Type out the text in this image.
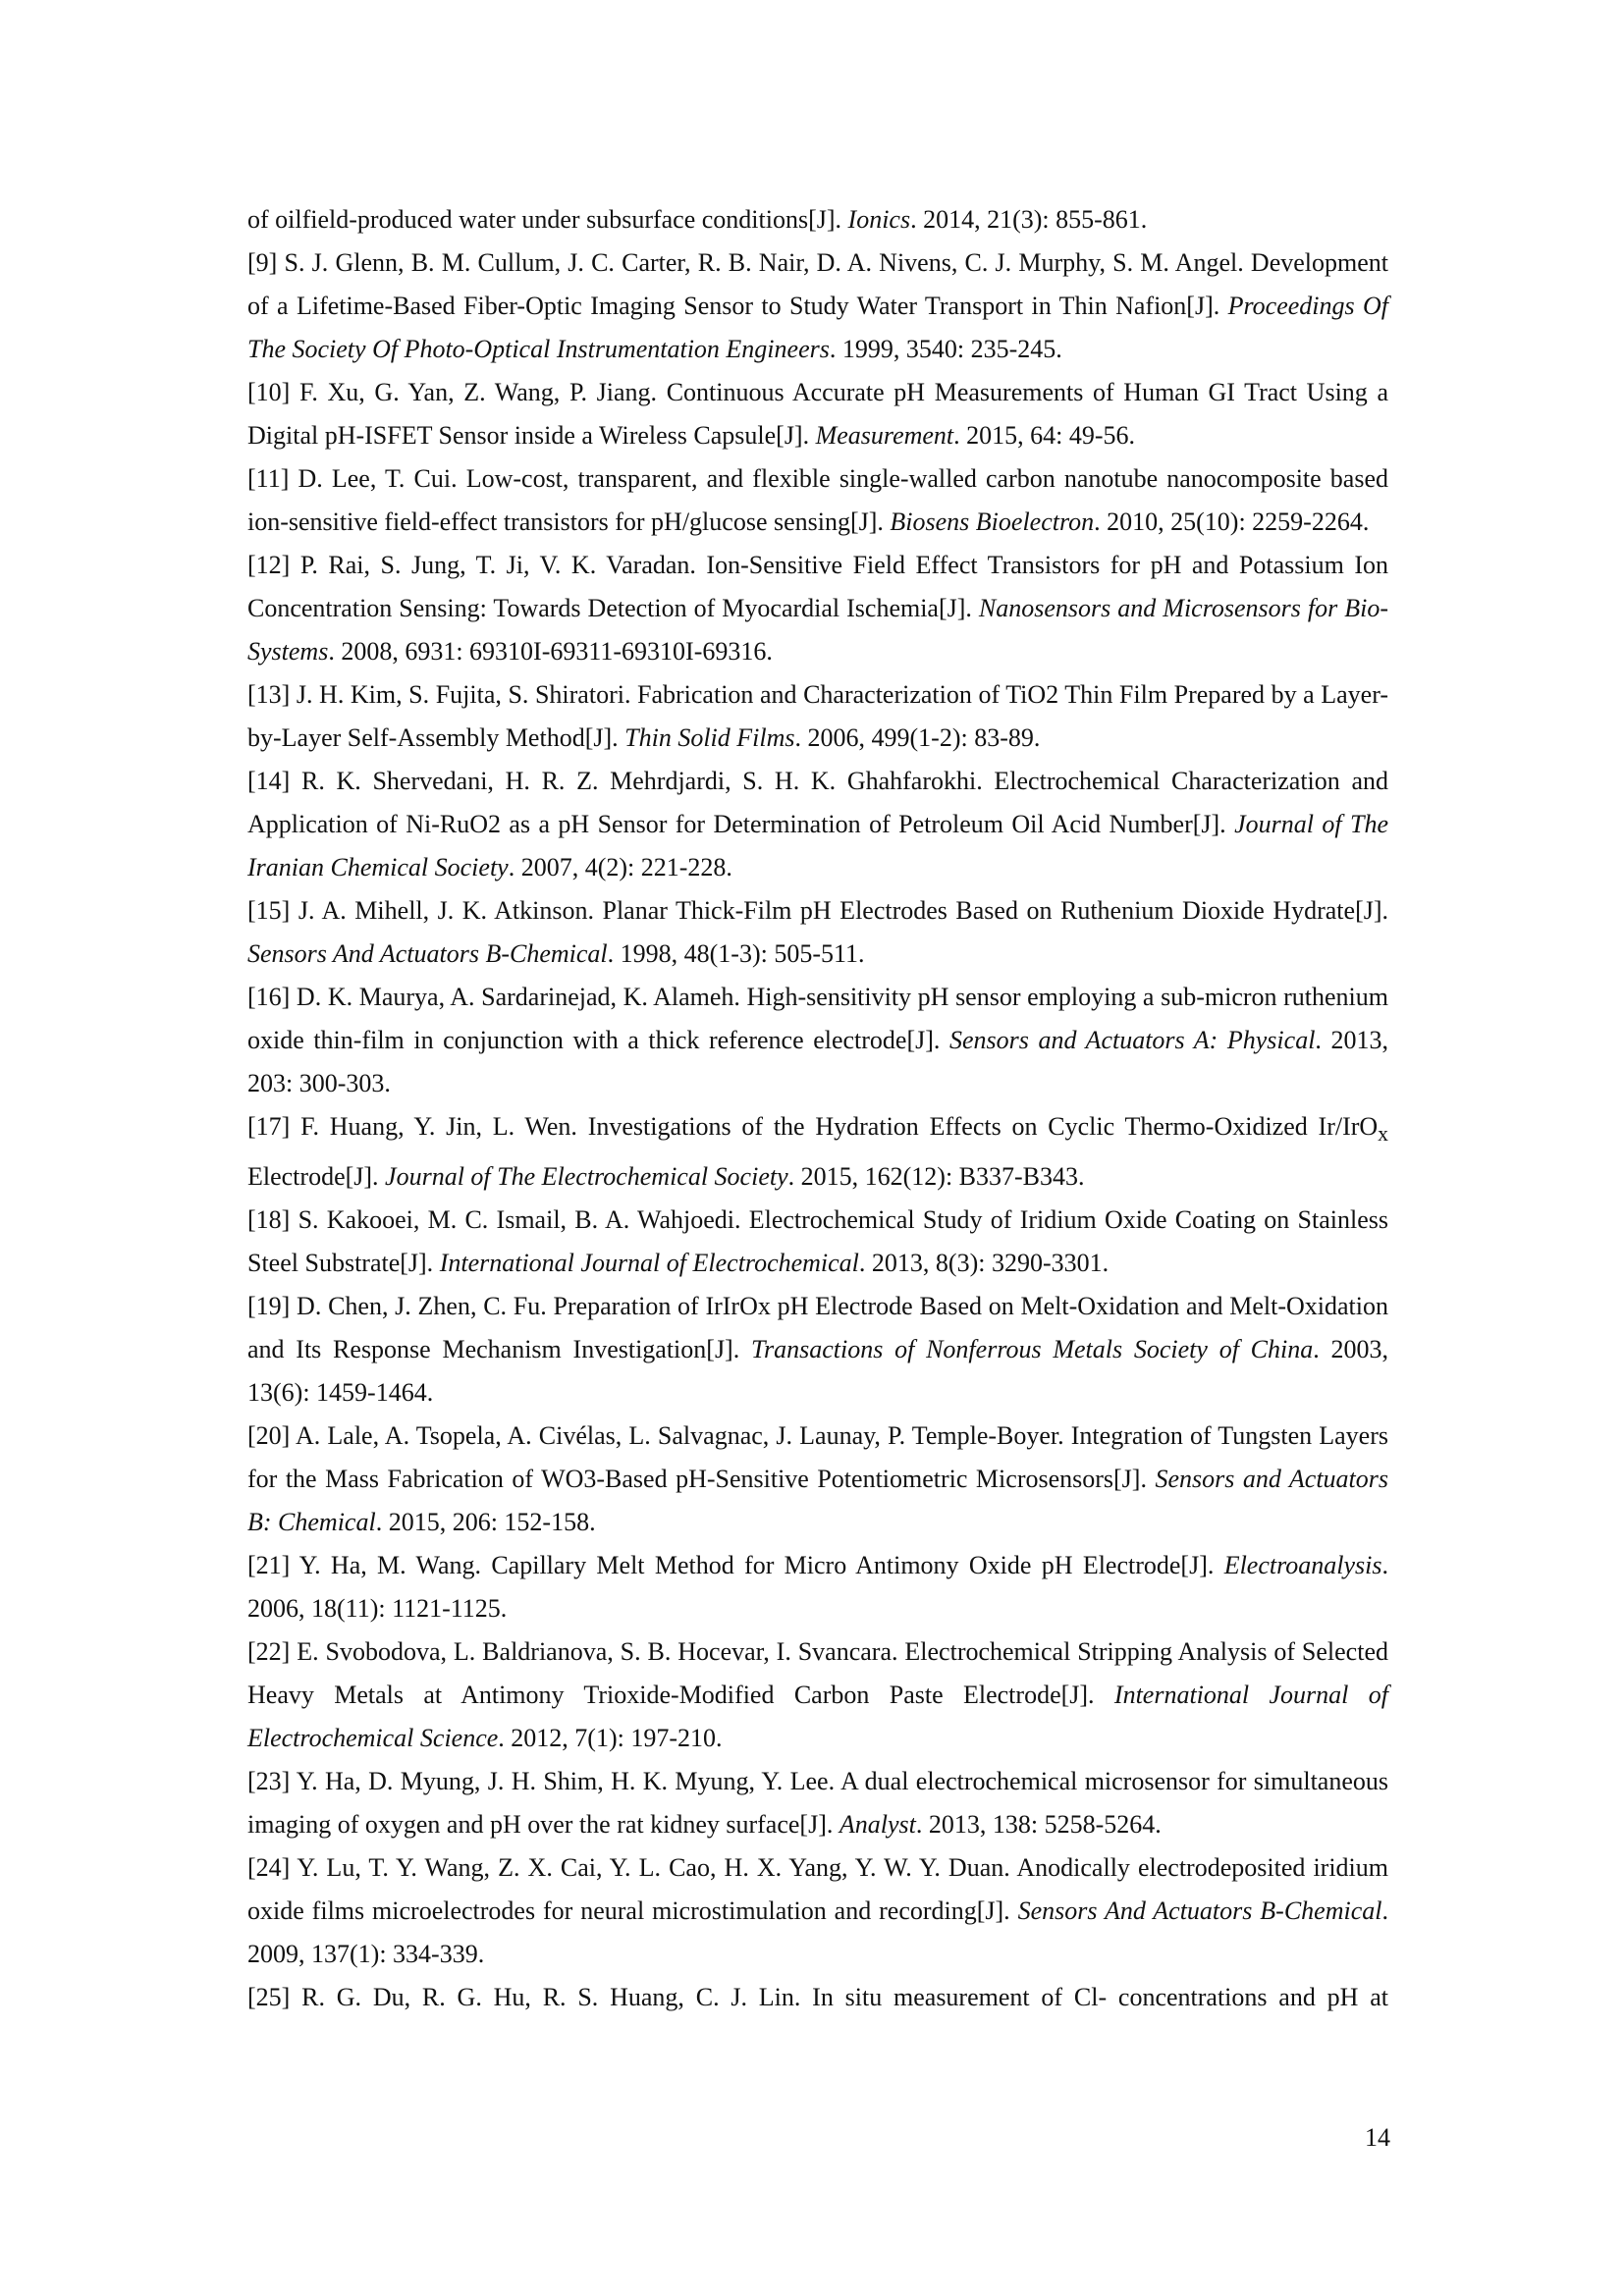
of oilfield-produced water under subsurface conditions[J]. Ionics. 2014, 21(3): 855-861.

[9] S. J. Glenn, B. M. Cullum, J. C. Carter, R. B. Nair, D. A. Nivens, C. J. Murphy, S. M. Angel. Development of a Lifetime-Based Fiber-Optic Imaging Sensor to Study Water Transport in Thin Nafion[J]. Proceedings Of The Society Of Photo-Optical Instrumentation Engineers. 1999, 3540: 235-245.

[10] F. Xu, G. Yan, Z. Wang, P. Jiang. Continuous Accurate pH Measurements of Human GI Tract Using a Digital pH-ISFET Sensor inside a Wireless Capsule[J]. Measurement. 2015, 64: 49-56.

[11] D. Lee, T. Cui. Low-cost, transparent, and flexible single-walled carbon nanotube nanocomposite based ion-sensitive field-effect transistors for pH/glucose sensing[J]. Biosens Bioelectron. 2010, 25(10): 2259-2264.

[12] P. Rai, S. Jung, T. Ji, V. K. Varadan. Ion-Sensitive Field Effect Transistors for pH and Potassium Ion Concentration Sensing: Towards Detection of Myocardial Ischemia[J]. Nanosensors and Microsensors for Bio-Systems. 2008, 6931: 69310I-69311-69310I-69316.

[13] J. H. Kim, S. Fujita, S. Shiratori. Fabrication and Characterization of TiO2 Thin Film Prepared by a Layer-by-Layer Self-Assembly Method[J]. Thin Solid Films. 2006, 499(1-2): 83-89.

[14] R. K. Shervedani, H. R. Z. Mehrdjardi, S. H. K. Ghahfarokhi. Electrochemical Characterization and Application of Ni-RuO2 as a pH Sensor for Determination of Petroleum Oil Acid Number[J]. Journal of The Iranian Chemical Society. 2007, 4(2): 221-228.

[15] J. A. Mihell, J. K. Atkinson. Planar Thick-Film pH Electrodes Based on Ruthenium Dioxide Hydrate[J]. Sensors And Actuators B-Chemical. 1998, 48(1-3): 505-511.

[16] D. K. Maurya, A. Sardarinejad, K. Alameh. High-sensitivity pH sensor employing a sub-micron ruthenium oxide thin-film in conjunction with a thick reference electrode[J]. Sensors and Actuators A: Physical. 2013, 203: 300-303.

[17] F. Huang, Y. Jin, L. Wen. Investigations of the Hydration Effects on Cyclic Thermo-Oxidized Ir/IrO$_x$ Electrode[J]. Journal of The Electrochemical Society. 2015, 162(12): B337-B343.

[18] S. Kakooei, M. C. Ismail, B. A. Wahjoedi. Electrochemical Study of Iridium Oxide Coating on Stainless Steel Substrate[J]. International Journal of Electrochemical. 2013, 8(3): 3290-3301.

[19] D. Chen, J. Zhen, C. Fu. Preparation of IrIrOx pH Electrode Based on Melt-Oxidation and Melt-Oxidation and Its Response Mechanism Investigation[J]. Transactions of Nonferrous Metals Society of China. 2003, 13(6): 1459-1464.

[20] A. Lale, A. Tsopela, A. Civélas, L. Salvagnac, J. Launay, P. Temple-Boyer. Integration of Tungsten Layers for the Mass Fabrication of WO3-Based pH-Sensitive Potentiometric Microsensors[J]. Sensors and Actuators B: Chemical. 2015, 206: 152-158.

[21] Y. Ha, M. Wang. Capillary Melt Method for Micro Antimony Oxide pH Electrode[J]. Electroanalysis. 2006, 18(11): 1121-1125.

[22] E. Svobodova, L. Baldrianova, S. B. Hocevar, I. Svancara. Electrochemical Stripping Analysis of Selected Heavy Metals at Antimony Trioxide-Modified Carbon Paste Electrode[J]. International Journal of Electrochemical Science. 2012, 7(1): 197-210.

[23] Y. Ha, D. Myung, J. H. Shim, H. K. Myung, Y. Lee. A dual electrochemical microsensor for simultaneous imaging of oxygen and pH over the rat kidney surface[J]. Analyst. 2013, 138: 5258-5264.

[24] Y. Lu, T. Y. Wang, Z. X. Cai, Y. L. Cao, H. X. Yang, Y. W. Y. Duan. Anodically electrodeposited iridium oxide films microelectrodes for neural microstimulation and recording[J]. Sensors And Actuators B-Chemical. 2009, 137(1): 334-339.

[25] R. G. Du, R. G. Hu, R. S. Huang, C. J. Lin. In situ measurement of Cl- concentrations and pH at

14
